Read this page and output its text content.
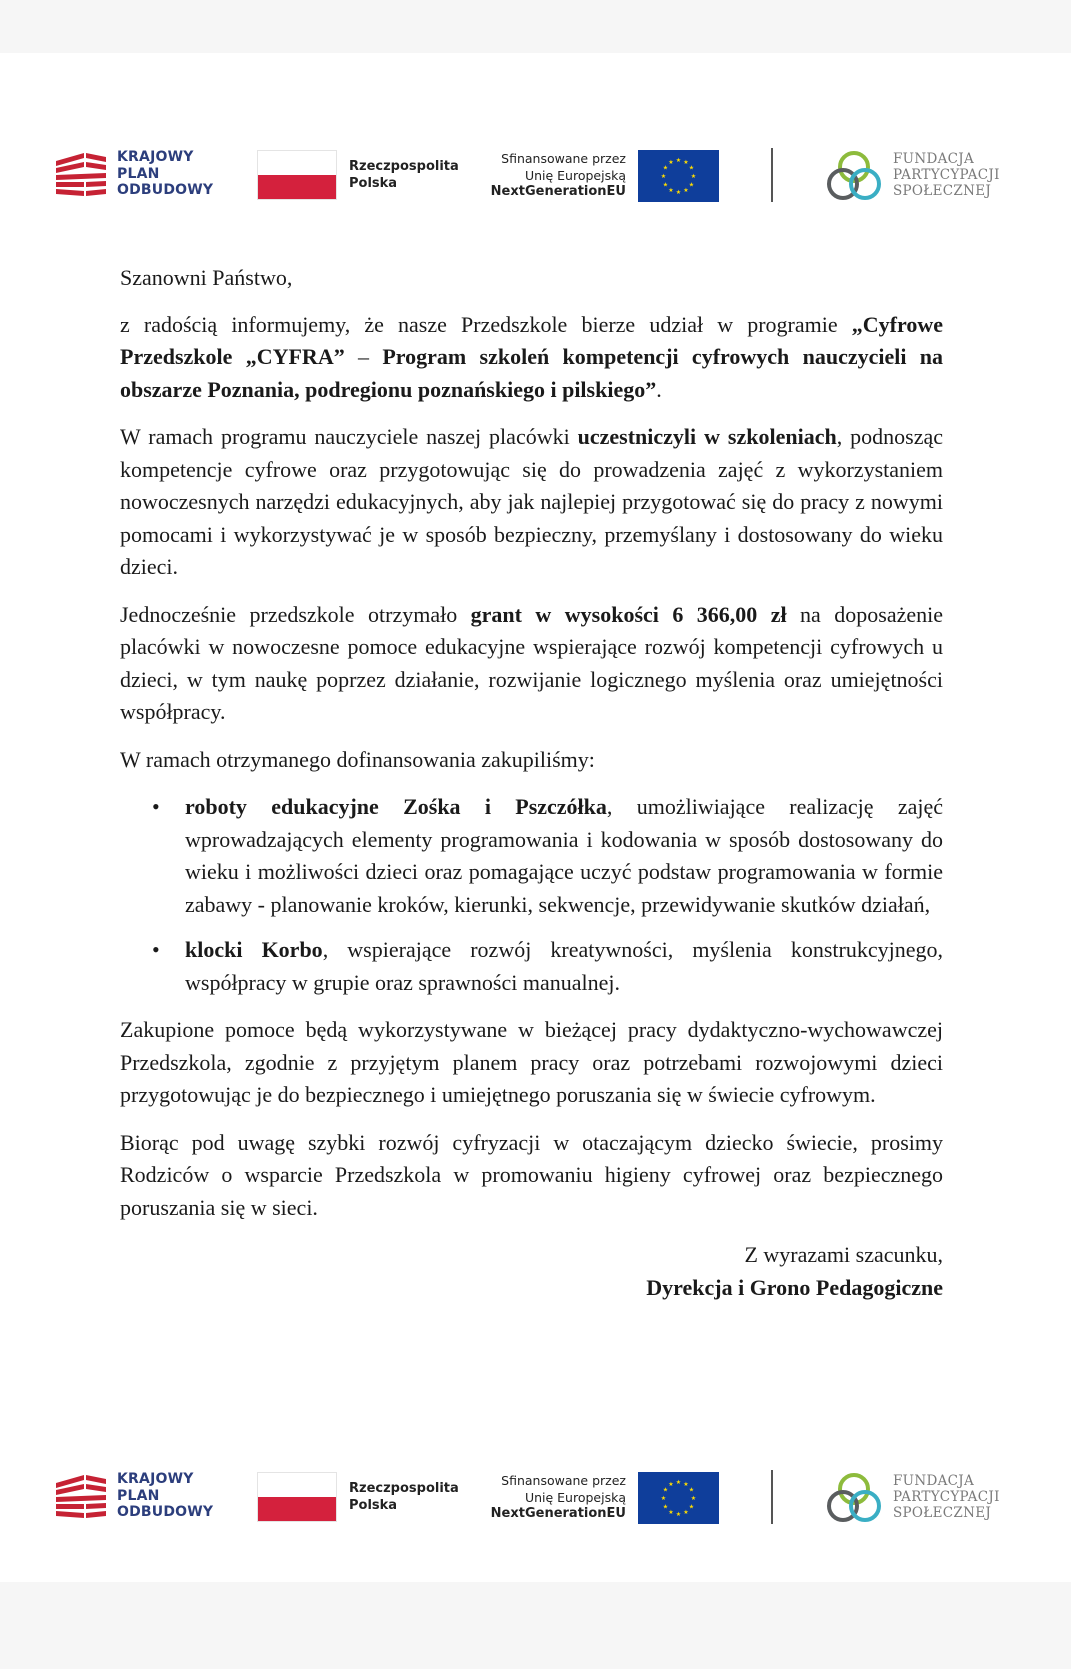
KRAJOWY
PLAN
ODBUDOWY
Rzeczpospolita
Polska
Sfinansowane przez
Unię Europejską
NextGenerationEU
★ ★
★
★
★
★
★
★
★
★
★
★	FUNDACJA
PARTYCYPACJI
SPOŁECZNEJ

Szanowni Państwo,

z radością informujemy, że nasze Przedszkole bierze udział w programie „Cyfrowe Przedszkole „CYFRA” – Program szkoleń kompetencji cyfrowych nauczycieli na obszarze Poznania, podregionu poznańskiego i pilskiego”.

W ramach programu nauczyciele naszej placówki uczestniczyli w szkoleniach, podnosząc kompetencje cyfrowe oraz przygotowując się do prowadzenia zajęć z wykorzystaniem nowoczesnych narzędzi edukacyjnych, aby jak najlepiej przygotować się do pracy z nowymi pomocami i wykorzystywać je w sposób bezpieczny, przemyślany i dostosowany do wieku dzieci.

Jednocześnie przedszkole otrzymało grant w wysokości 6 366,00 zł na doposażenie placówki w nowoczesne pomoce edukacyjne wspierające rozwój kompetencji cyfrowych u dzieci, w tym naukę poprzez działanie, rozwijanie logicznego myślenia oraz umiejętności współpracy.

W ramach otrzymanego dofinansowania zakupiliśmy:

• roboty edukacyjne Zośka i Pszczółka, umożliwiające realizację zajęć wprowadzających elementy programowania i kodowania w sposób dostosowany do wieku i możliwości dzieci oraz pomagające uczyć podstaw programowania w formie zabawy - planowanie kroków, kierunki, sekwencje, przewidywanie skutków działań,
• klocki Korbo, wspierające rozwój kreatywności, myślenia konstrukcyjnego, współpracy w grupie oraz sprawności manualnej.

Zakupione pomoce będą wykorzystywane w bieżącej pracy dydaktyczno-wychowawczej Przedszkola, zgodnie z przyjętym planem pracy oraz potrzebami rozwojowymi dzieci przygotowując je do bezpiecznego i umiejętnego poruszania się w świecie cyfrowym.

Biorąc pod uwagę szybki rozwój cyfryzacji w otaczającym dziecko świecie, prosimy Rodziców o wsparcie Przedszkola w promowaniu higieny cyfrowej oraz bezpiecznego poruszania się w sieci.

Z wyrazami szacunku,
Dyrekcja i Grono Pedagogiczne

KRAJOWY
PLAN
ODBUDOWY
Rzeczpospolita
Polska
Sfinansowane przez
Unię Europejską
NextGenerationEU
★ ★
★
★
★
★
★
★
★
★
★
★	FUNDACJA
PARTYCYPACJI
SPOŁECZNEJ
